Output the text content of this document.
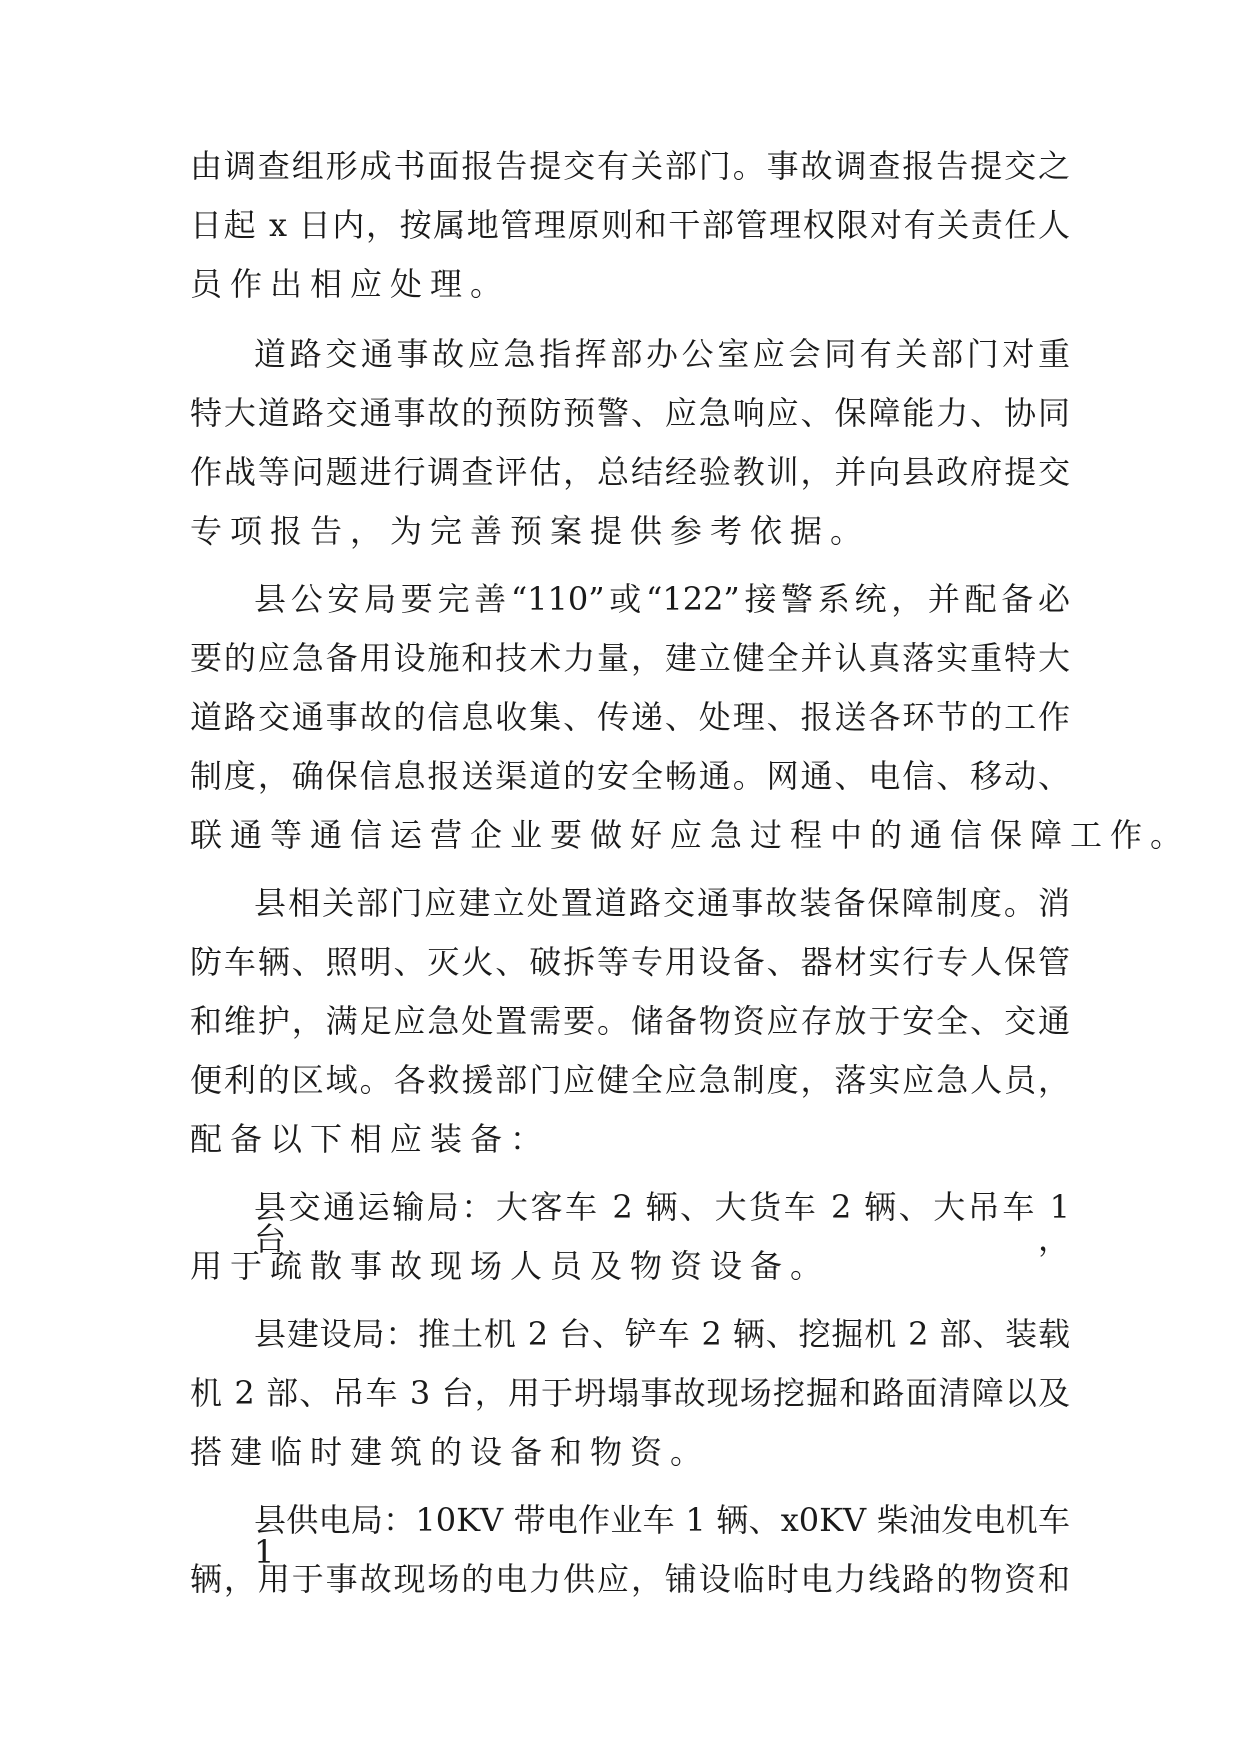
由调查组形成书面报告提交有关部门。事故调查报告提交之
日起 x 日内，按属地管理原则和干部管理权限对有关责任人
员作出相应处理。
道路交通事故应急指挥部办公室应会同有关部门对重
特大道路交通事故的预防预警、应急响应、保障能力、协同
作战等问题进行调查评估，总结经验教训，并向县政府提交
专项报告，为完善预案提供参考依据。
县公安局要完善“110”或“122”接警系统，并配备必
要的应急备用设施和技术力量，建立健全并认真落实重特大
道路交通事故的信息收集、传递、处理、报送各环节的工作
制度，确保信息报送渠道的安全畅通。网通、电信、移动、
联通等通信运营企业要做好应急过程中的通信保障工作。
县相关部门应建立处置道路交通事故装备保障制度。消
防车辆、照明、灭火、破拆等专用设备、器材实行专人保管
和维护，满足应急处置需要。储备物资应存放于安全、交通
便利的区域。各救援部门应健全应急制度，落实应急人员，
配备以下相应装备：
县交通运输局：大客车 2 辆、大货车 2 辆、大吊车 1 台，
用于疏散事故现场人员及物资设备。
县建设局：推土机 2 台、铲车 2 辆、挖掘机 2 部、装载
机 2 部、吊车 3 台，用于坍塌事故现场挖掘和路面清障以及
搭建临时建筑的设备和物资。
县供电局：10KV 带电作业车 1 辆、x0KV 柴油发电机车 1
辆，用于事故现场的电力供应，铺设临时电力线路的物资和
